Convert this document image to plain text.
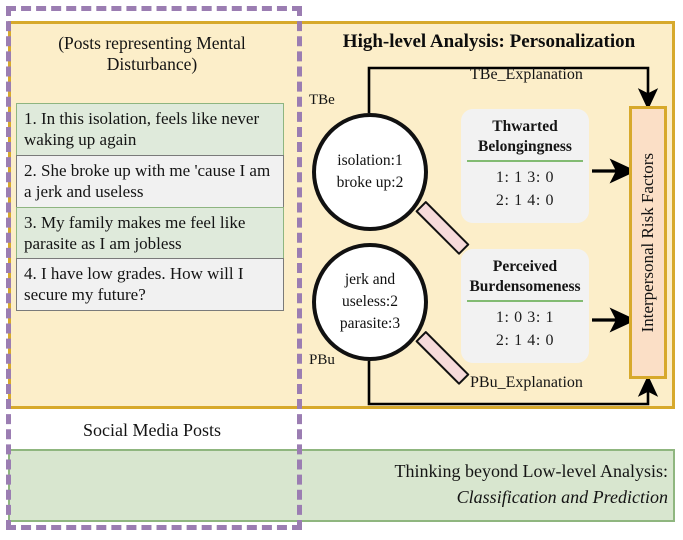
(Posts representing Mental Disturbance)
1. In this isolation, feels like never waking up again
2. She broke up with me 'cause I am a jerk and useless
3. My family makes me feel like parasite as I am jobless
4. I have low grades. How will I secure my future?
Social Media Posts
High-level Analysis: Personalization
TBe
isolation:1
broke up:2
PBu
jerk and
useless:2
parasite:3
Thwarted
Belongingness
1: 1 3: 0
2: 1 4: 0
Perceived
Burdensomeness
1: 0 3: 1
2: 1 4: 0
TBe_Explanation
PBu_Explanation
Interpersonal Risk Factors
Thinking beyond Low-level Analysis:
Classification and Prediction
